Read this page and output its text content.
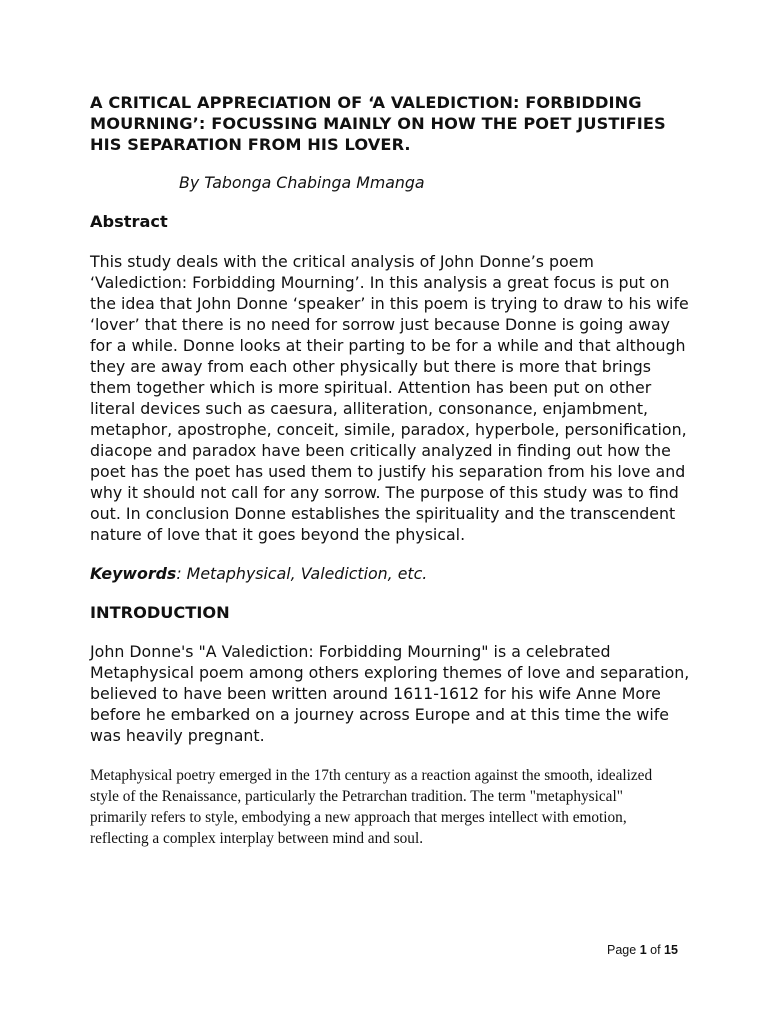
A CRITICAL APPRECIATION OF ‘A VALEDICTION: FORBIDDING MOURNING’: FOCUSSING MAINLY ON HOW THE POET JUSTIFIES HIS SEPARATION FROM HIS LOVER.
By Tabonga Chabinga Mmanga
Abstract

This study deals with the critical analysis of John Donne’s poem ‘Valediction: Forbidding Mourning’. In this analysis a great focus is put on the idea that John Donne ‘speaker’ in this poem is trying to draw to his wife ‘lover’ that there is no need for sorrow just because Donne is going away for a while. Donne looks at their parting to be for a while and that although they are away from each other physically but there is more that brings them together which is more spiritual. Attention has been put on other literal devices such as caesura, alliteration, consonance, enjambment, metaphor, apostrophe, conceit, simile, paradox, hyperbole, personification, diacope and paradox have been critically analyzed in finding out how the poet has the poet has used them to justify his separation from his love and why it should not call for any sorrow. The purpose of this study was to find out. In conclusion Donne establishes the spirituality and the transcendent nature of love that it goes beyond the physical.

Keywords: Metaphysical, Valediction, etc.

INTRODUCTION

John Donne's "A Valediction: Forbidding Mourning" is a celebrated Metaphysical poem among others exploring themes of love and separation, believed to have been written around 1611-1612 for his wife Anne More before he embarked on a journey across Europe and at this time the wife was heavily pregnant.

Metaphysical poetry emerged in the 17th century as a reaction against the smooth, idealized style of the Renaissance, particularly the Petrarchan tradition. The term "metaphysical" primarily refers to style, embodying a new approach that merges intellect with emotion, reflecting a complex interplay between mind and soul.

Page 1 of 15
